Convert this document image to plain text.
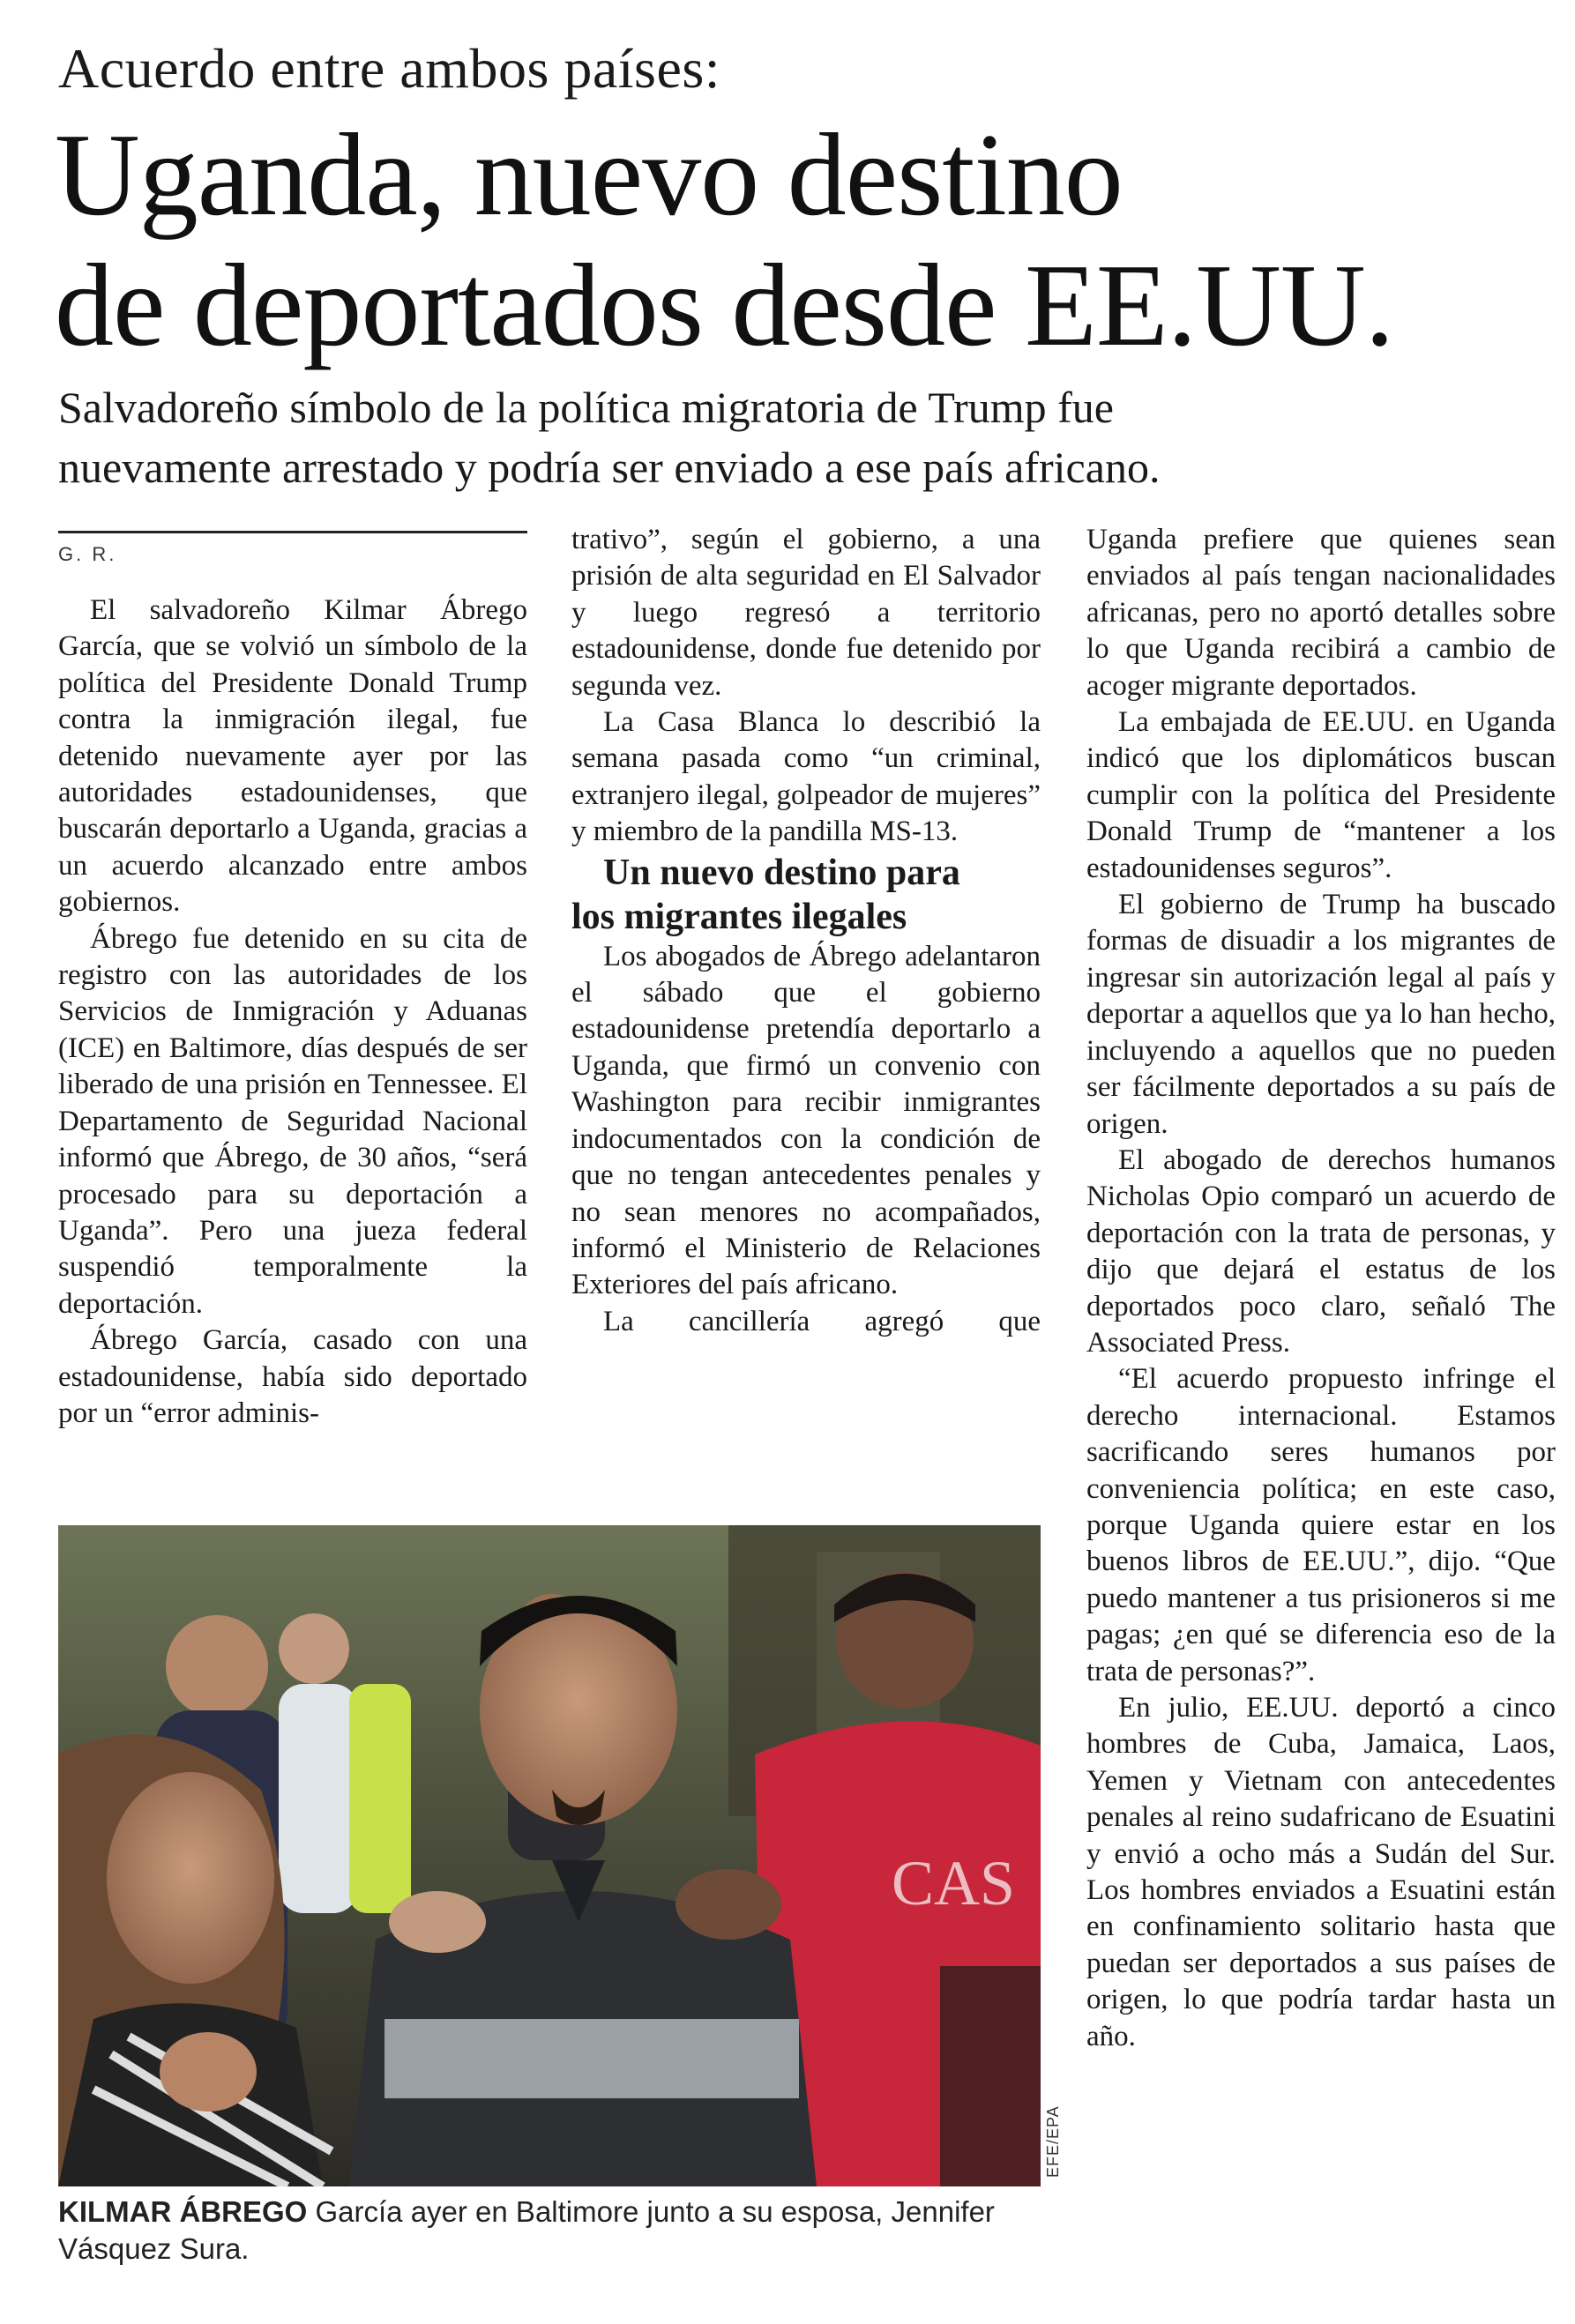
Acuerdo entre ambos países:
Uganda, nuevo destino
de deportados desde EE.UU.
Salvadoreño símbolo de la política migratoria de Trump fue
nuevamente arrestado y podría ser enviado a ese país africano.
G. R.

El salvadoreño Kilmar Ábrego García, que se volvió un símbolo de la política del Presidente Donald Trump contra la inmigración ilegal, fue detenido nuevamente ayer por las autoridades estadounidenses, que buscarán deportarlo a Uganda, gracias a un acuerdo alcanzado entre ambos gobiernos.

Ábrego fue detenido en su cita de registro con las autoridades de los Servicios de Inmigración y Aduanas (ICE) en Baltimore, días después de ser liberado de una prisión en Tennessee. El Departamento de Seguridad Nacional informó que Ábrego, de 30 años, “será procesado para su deportación a Uganda”. Pero una jueza federal suspendió temporalmente la deportación.

Ábrego García, casado con una estadounidense, había sido deportado por un “error adminis-

trativo”, según el gobierno, a una prisión de alta seguridad en El Salvador y luego regresó a territorio estadounidense, donde fue detenido por segunda vez.

La Casa Blanca lo describió la semana pasada como “un criminal, extranjero ilegal, golpeador de mujeres” y miembro de la pandilla MS-13.

Un nuevo destino para
los migrantes ilegales

Los abogados de Ábrego adelantaron el sábado que el gobierno estadounidense pretendía deportarlo a Uganda, que firmó un convenio con Washington para recibir inmigrantes indocumentados con la condición de que no tengan antecedentes penales y no sean menores no acompañados, informó el Ministerio de Relaciones Exteriores del país africano.

La cancillería agregó que

Uganda prefiere que quienes sean enviados al país tengan nacionalidades africanas, pero no aportó detalles sobre lo que Uganda recibirá a cambio de acoger migrante deportados.

La embajada de EE.UU. en Uganda indicó que los diplomáticos buscan cumplir con la política del Presidente Donald Trump de “mantener a los estadounidenses seguros”.

El gobierno de Trump ha buscado formas de disuadir a los migrantes de ingresar sin autorización legal al país y deportar a aquellos que ya lo han hecho, incluyendo a aquellos que no pueden ser fácilmente deportados a su país de origen.

El abogado de derechos humanos Nicholas Opio comparó un acuerdo de deportación con la trata de personas, y dijo que dejará el estatus de los deportados poco claro, señaló The Associated Press.

“El acuerdo propuesto infringe el derecho internacional. Estamos sacrificando seres humanos por conveniencia política; en este caso, porque Uganda quiere estar en los buenos libros de EE.UU.”, dijo. “Que puedo mantener a tus prisioneros si me pagas; ¿en qué se diferencia eso de la trata de personas?”.

En julio, EE.UU. deportó a cinco hombres de Cuba, Jamaica, Laos, Yemen y Vietnam con antecedentes penales al reino sudafricano de Esuatini y envió a ocho más a Sudán del Sur. Los hombres enviados a Esuatini están en confinamiento solitario hasta que puedan ser deportados a sus países de origen, lo que podría tardar hasta un año.

CAS
EFE/EPA
KILMAR ÁBREGO García ayer en Baltimore junto a su esposa, Jennifer Vásquez Sura.
